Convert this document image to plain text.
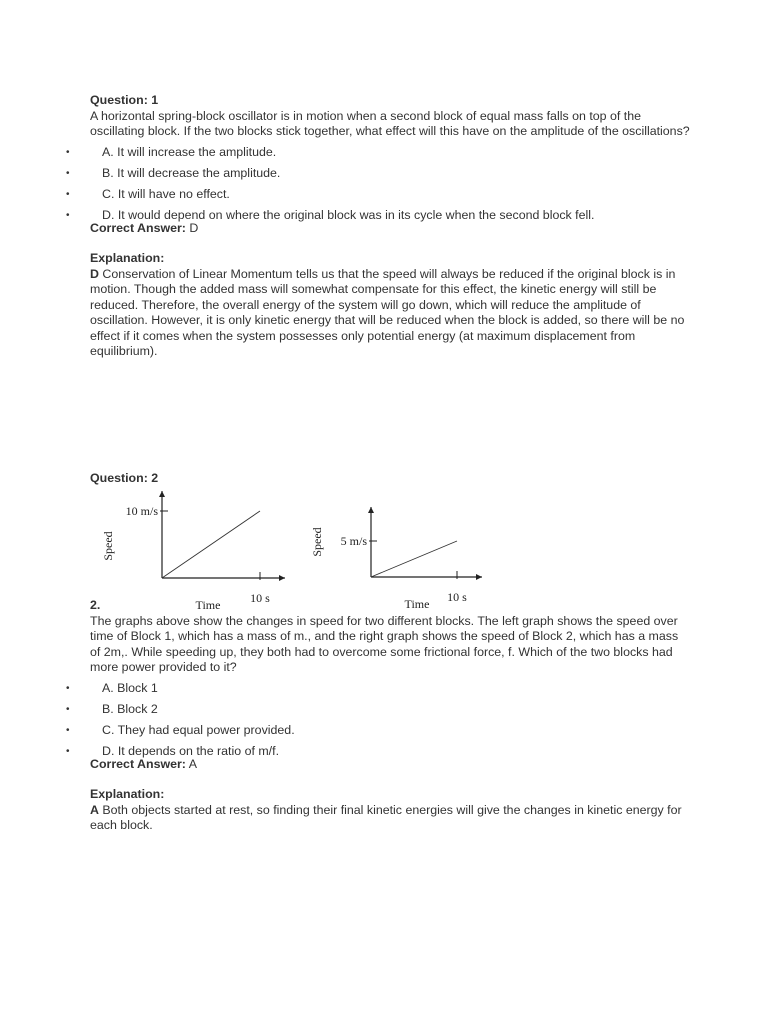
Question: 1

A horizontal spring-block oscillator is in motion when a second block of equal mass falls on top of the oscillating block. If the two blocks stick together, what effect will this have on the amplitude of the oscillations?

•	A. It will increase the amplitude.
•	B. It will decrease the amplitude.
•	C. It will have no effect.
•	D. It would depend on where the original block was in its cycle when the second block fell.

Correct Answer: D

Explanation:

D Conservation of Linear Momentum tells us that the speed will always be reduced if the original block is in motion. Though the added mass will somewhat compensate for this effect, the kinetic energy will still be reduced. Therefore, the overall energy of the system will go down, which will reduce the amplitude of oscillation. However, it is only kinetic energy that will be reduced when the block is added, so there will be no effect if it comes when the system possesses only potential energy (at maximum displacement from equilibrium).

Question: 2

10 m/s
10 s
Time
Speed	5 m/s
10 s
Time
Speed

2.

The graphs above show the changes in speed for two different blocks. The left graph shows the speed over time of Block 1, which has a mass of m., and the right graph shows the speed of Block 2, which has a mass of 2m,. While speeding up, they both had to overcome some frictional force, f. Which of the two blocks had more power provided to it?

•	A. Block 1
•	B. Block 2
•	C. They had equal power provided.
•	D. It depends on the ratio of m/f.

Correct Answer: A

Explanation:

A Both objects started at rest, so finding their final kinetic energies will give the changes in kinetic energy for each block.
